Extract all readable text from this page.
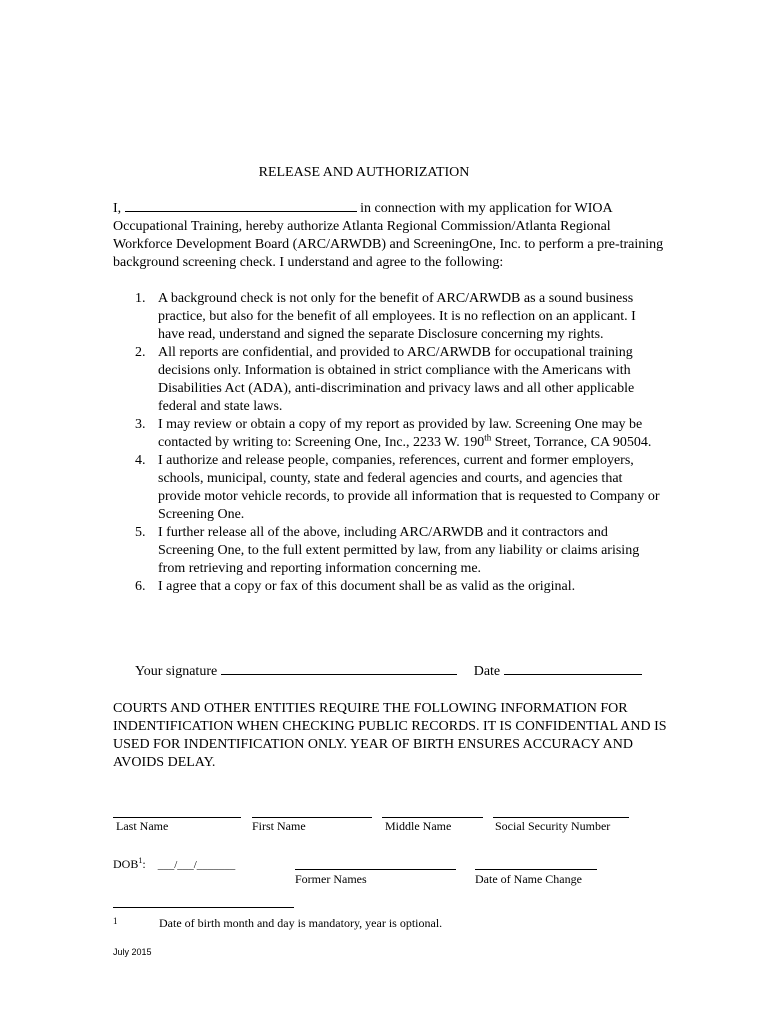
RELEASE AND AUTHORIZATION
I,	in connection with my application for WIOA Occupational Training, hereby authorize Atlanta Regional Commission/Atlanta Regional Workforce Development Board (ARC/ARWDB) and ScreeningOne, Inc. to perform a pre-training background screening check. I understand and agree to the following:
1. A background check is not only for the benefit of ARC/ARWDB as a sound business practice, but also for the benefit of all employees. It is no reflection on an applicant. I have read, understand and signed the separate Disclosure concerning my rights.
2. All reports are confidential, and provided to ARC/ARWDB for occupational training decisions only. Information is obtained in strict compliance with the Americans with Disabilities Act (ADA), anti-discrimination and privacy laws and all other applicable federal and state laws.
3. I may review or obtain a copy of my report as provided by law. Screening One may be contacted by writing to: Screening One, Inc., 2233 W. 190th Street, Torrance, CA 90504.
4. I authorize and release people, companies, references, current and former employers, schools, municipal, county, state and federal agencies and courts, and agencies that provide motor vehicle records, to provide all information that is requested to Company or Screening One.
5. I further release all of the above, including ARC/ARWDB and it contractors and Screening One, to the full extent permitted by law, from any liability or claims arising from retrieving and reporting information concerning me.
6. I agree that a copy or fax of this document shall be as valid as the original.
Your signature	Date
COURTS AND OTHER ENTITIES REQUIRE THE FOLLOWING INFORMATION FOR INDENTIFICATION WHEN CHECKING PUBLIC RECORDS. IT IS CONFIDENTIAL AND IS USED FOR INDENTIFICATION ONLY. YEAR OF BIRTH ENSURES ACCURACY AND AVOIDS DELAY.
Last Name	First Name	Middle Name	Social Security Number
DOB$^1$: ___/___/_______
Former Names	Date of Name Change
$^1$	Date of birth month and day is mandatory, year is optional.
July 2015
